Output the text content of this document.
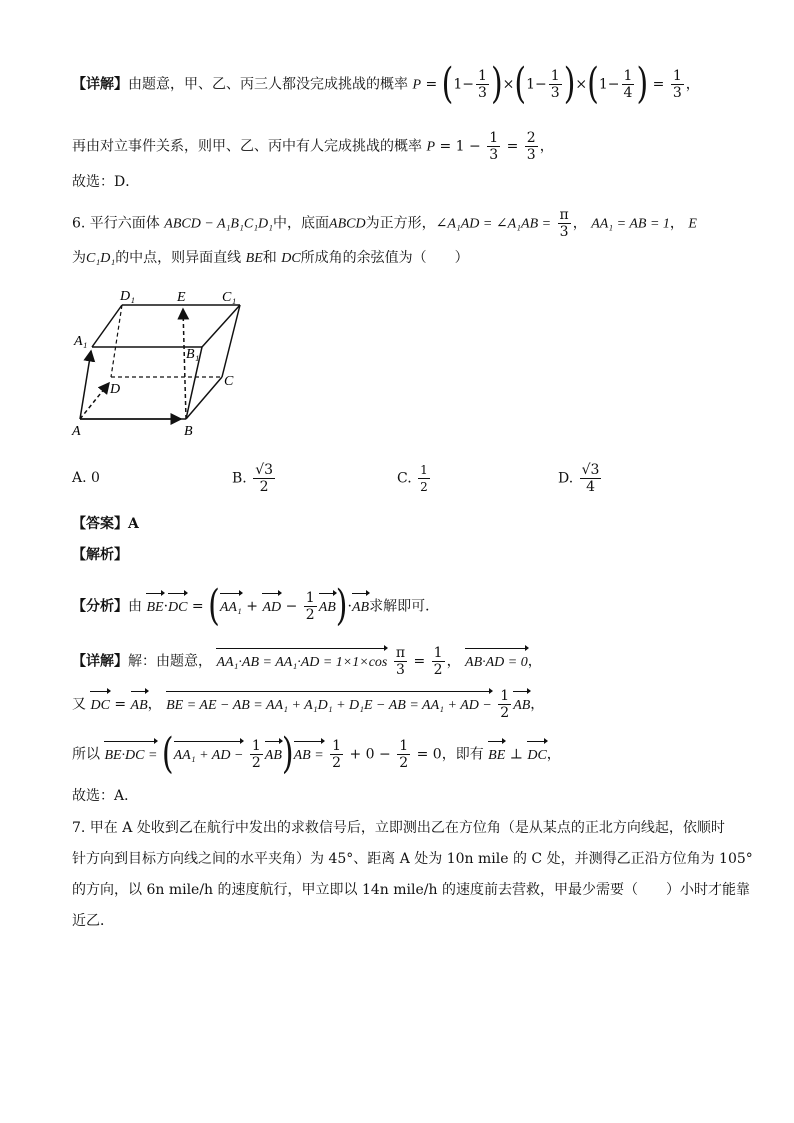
【详解】由题意，甲、乙、丙三人都没完成挑战的概率 $P = (1- \frac{1}{3} )\times(1- \frac{1}{3} )\times(1- \frac{1}{4}$ ) = $\frac{1}{3}$ ，
再由对立事件关系，则甲、乙、丙中有人完成挑战的概率 $P = 1 - \frac{1}{3} = \frac{2}{3}$ ，
故选：D．
6. 平行六面体 ABCD − A₁B₁C₁D₁中，底面ABCD为正方形，∠A₁AD = ∠A₁AB = $\frac{\pi}{3}$ ， AA₁ = AB = 1， E
为C₁D₁的中点，则异面直线 BE和 DC所成角的余弦值为（　　）
D₁	E	C₁
A₁
B₁
D
C
A	B
A. 0	B. $\frac{√3}{2}$	C. $\frac{1}{2}$	D. $\frac{√3}{4}$
【答案】A
【解析】
【分析】由 BE·DC = (AA₁ + AD − $\frac{1}{2} AB)\cdot AB$求解即可．
【详解】解：由题意， $AA_1\cdot AB = AA_1\cdot AD = 1\times 1\times\cos \frac{\pi}{3} = \frac{1}{2}$ ， AB·AD = 0，
又 DC = AB， BE = AE − AB = AA₁ + A₁D₁ + D₁E − AB = AA₁ + AD − $\frac{1}{2}$ AB，
所以 BE·DC = (AA₁ + AD − $\frac{1}{2} AB)AB = \frac{1}{2} + 0 - \frac{1}{2} = 0$，即有 BE ⊥ DC，
故选：A．
7. 甲在 A 处收到乙在航行中发出的求救信号后，立即测出乙在方位角（是从某点的正北方向线起，依顺时
针方向到目标方向线之间的水平夹角）为 45°、距离 A 处为 10n mile 的 C 处，并测得乙正沿方位角为 105°
的方向，以 6n mile/h 的速度航行，甲立即以 14n mile/h 的速度前去营救，甲最少需要（　　）小时才能靠
近乙．
